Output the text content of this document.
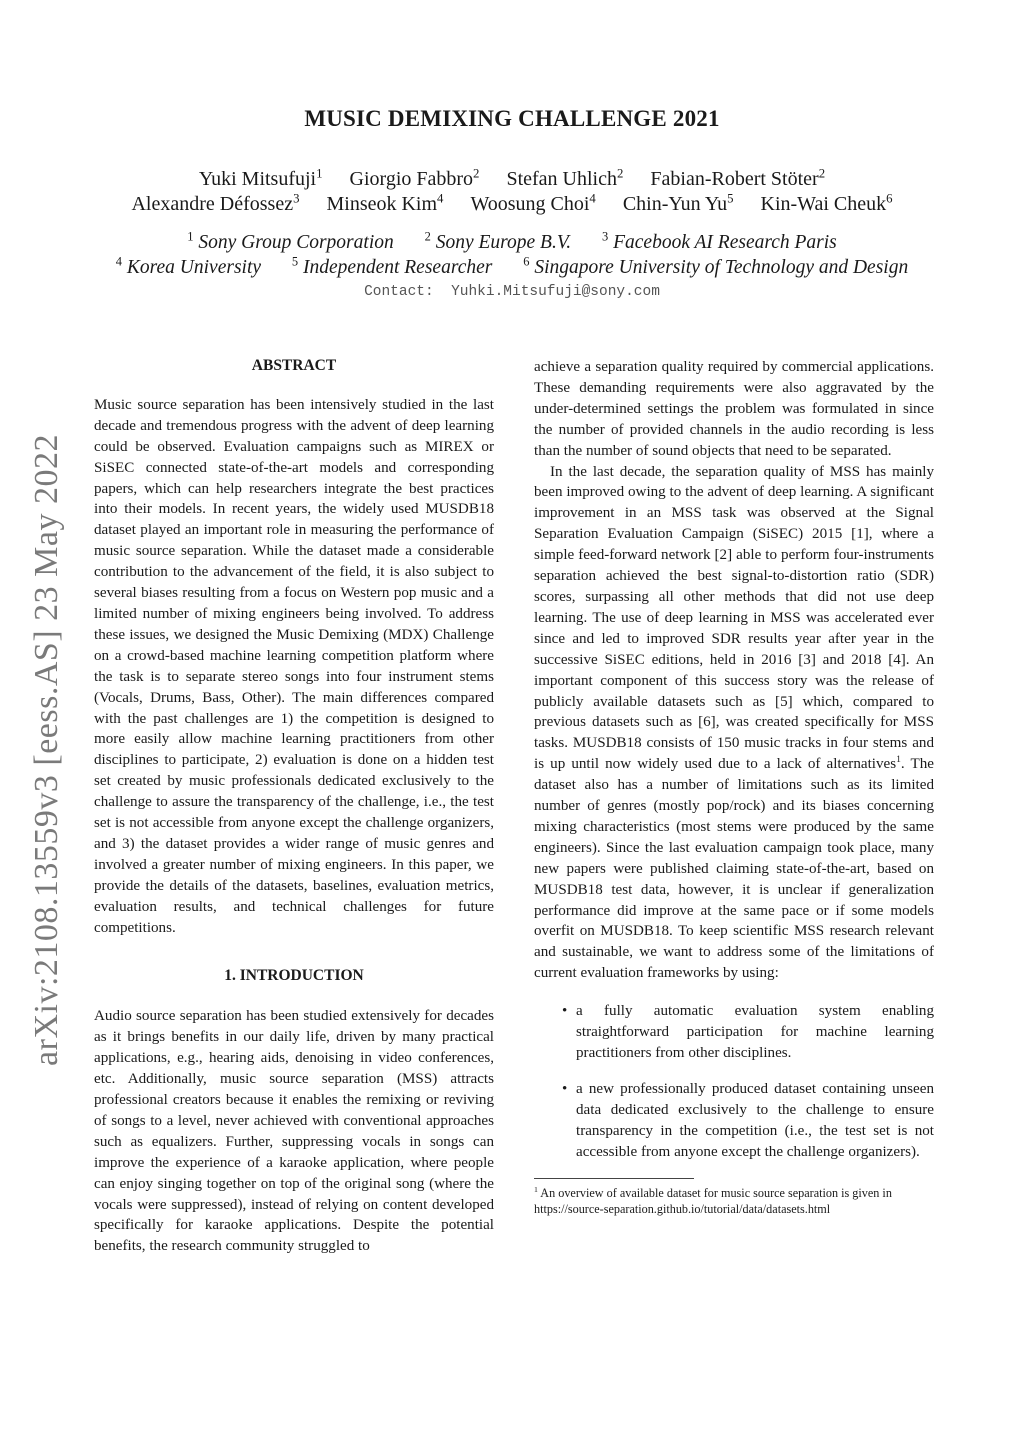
arXiv:2108.13559v3 [eess.AS] 23 May 2022
MUSIC DEMIXING CHALLENGE 2021
Yuki Mitsufuji$^1$ Giorgio Fabbro$^2$ Stefan Uhlich$^2$ Fabian-Robert Stöter$^2$
Alexandre Défossez$^3$ Minseok Kim$^4$ Woosung Choi$^4$ Chin-Yun Yu$^5$ Kin-Wai Cheuk$^6$
$^1$ Sony Group Corporation $^2$ Sony Europe B.V. $^3$ Facebook AI Research Paris
$^4$ Korea University $^5$ Independent Researcher $^6$ Singapore University of Technology and Design
Contact:  Yuhki.Mitsufuji@sony.com
ABSTRACT

Music source separation has been intensively studied in the last decade and tremendous progress with the advent of deep learning could be observed. Evaluation campaigns such as MIREX or SiSEC connected state-of-the-art models and corresponding papers, which can help researchers integrate the best practices into their models. In recent years, the widely used MUSDB18 dataset played an important role in measuring the performance of music source separation. While the dataset made a considerable contribution to the advancement of the field, it is also subject to several biases resulting from a focus on Western pop music and a limited number of mixing engineers being involved. To address these issues, we designed the Music Demixing (MDX) Challenge on a crowd-based machine learning competition platform where the task is to separate stereo songs into four instrument stems (Vocals, Drums, Bass, Other). The main differences compared with the past challenges are 1) the competition is designed to more easily allow machine learning practitioners from other disciplines to participate, 2) evaluation is done on a hidden test set created by music professionals dedicated exclusively to the challenge to assure the transparency of the challenge, i.e., the test set is not accessible from anyone except the challenge organizers, and 3) the dataset provides a wider range of music genres and involved a greater number of mixing engineers. In this paper, we provide the details of the datasets, baselines, evaluation metrics, evaluation results, and technical challenges for future competitions.

1. INTRODUCTION

Audio source separation has been studied extensively for decades as it brings benefits in our daily life, driven by many practical applications, e.g., hearing aids, denoising in video conferences, etc. Additionally, music source separation (MSS) attracts professional creators because it enables the remixing or reviving of songs to a level, never achieved with conventional approaches such as equalizers. Further, suppressing vocals in songs can improve the experience of a karaoke application, where people can enjoy singing together on top of the original song (where the vocals were suppressed), instead of relying on content developed specifically for karaoke applications. Despite the potential benefits, the research community struggled to

achieve a separation quality required by commercial applications. These demanding requirements were also aggravated by the under-determined settings the problem was formulated in since the number of provided channels in the audio recording is less than the number of sound objects that need to be separated.

In the last decade, the separation quality of MSS has mainly been improved owing to the advent of deep learning. A significant improvement in an MSS task was observed at the Signal Separation Evaluation Campaign (SiSEC) 2015 [1], where a simple feed-forward network [2] able to perform four-instruments separation achieved the best signal-to-distortion ratio (SDR) scores, surpassing all other methods that did not use deep learning. The use of deep learning in MSS was accelerated ever since and led to improved SDR results year after year in the successive SiSEC editions, held in 2016 [3] and 2018 [4]. An important component of this success story was the release of publicly available datasets such as [5] which, compared to previous datasets such as [6], was created specifically for MSS tasks. MUSDB18 consists of 150 music tracks in four stems and is up until now widely used due to a lack of alternatives$^1$. The dataset also has a number of limitations such as its limited number of genres (mostly pop/rock) and its biases concerning mixing characteristics (most stems were produced by the same engineers). Since the last evaluation campaign took place, many new papers were published claiming state-of-the-art, based on MUSDB18 test data, however, it is unclear if generalization performance did improve at the same pace or if some models overfit on MUSDB18. To keep scientific MSS research relevant and sustainable, we want to address some of the limitations of current evaluation frameworks by using:

• a fully automatic evaluation system enabling straightforward participation for machine learning practitioners from other disciplines.
• a new professionally produced dataset containing unseen data dedicated exclusively to the challenge to ensure transparency in the competition (i.e., the test set is not accessible from anyone except the challenge organizers).
$^1$ An overview of available dataset for music source separation is given in https://source-separation.github.io/tutorial/data/datasets.html
